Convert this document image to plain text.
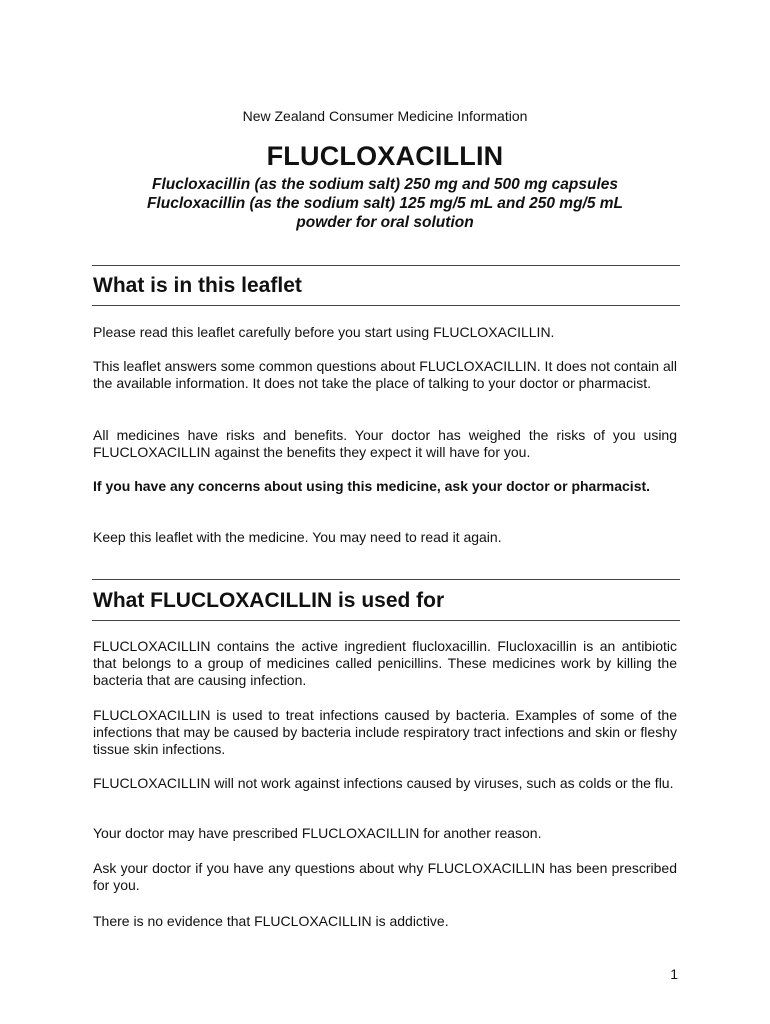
New Zealand Consumer Medicine Information
FLUCLOXACILLIN
Flucloxacillin (as the sodium salt) 250 mg and 500 mg capsules
Flucloxacillin (as the sodium salt) 125 mg/5 mL and 250 mg/5 mL
powder for oral solution
What is in this leaflet

Please read this leaflet carefully before you start using FLUCLOXACILLIN.

This leaflet answers some common questions about FLUCLOXACILLIN. It does not contain all the available information. It does not take the place of talking to your doctor or pharmacist.

All medicines have risks and benefits. Your doctor has weighed the risks of you using FLUCLOXACILLIN against the benefits they expect it will have for you.

If you have any concerns about using this medicine, ask your doctor or pharmacist.

Keep this leaflet with the medicine. You may need to read it again.

What FLUCLOXACILLIN is used for

FLUCLOXACILLIN contains the active ingredient flucloxacillin. Flucloxacillin is an antibiotic that belongs to a group of medicines called penicillins. These medicines work by killing the bacteria that are causing infection.

FLUCLOXACILLIN is used to treat infections caused by bacteria. Examples of some of the infections that may be caused by bacteria include respiratory tract infections and skin or fleshy tissue skin infections.

FLUCLOXACILLIN will not work against infections caused by viruses, such as colds or the flu.

Your doctor may have prescribed FLUCLOXACILLIN for another reason.

Ask your doctor if you have any questions about why FLUCLOXACILLIN has been prescribed for you.

There is no evidence that FLUCLOXACILLIN is addictive.

1
